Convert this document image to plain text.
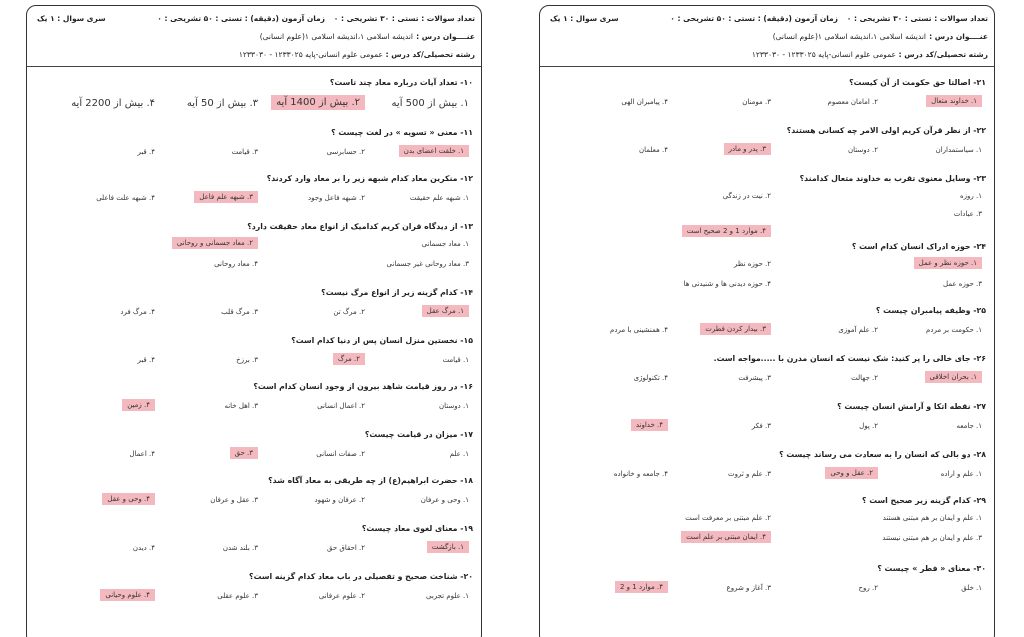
تعداد سوالات : تستی : ۳۰ تشریحی : ۰
زمان آزمون (دقیقه) : تستی : ۵۰ تشریحی : ۰
سری سوال : ۱ یک
عنــــوان درس :
اندیشه اسلامی ۱،اندیشه اسلامی ۱(علوم انسانی)
رشته تحصیلی/کد درس :
عمومی علوم انسانی-پایه ۱۲۳۳۰۲۵ - ۱۲۳۳۰۳۰
۱۰- تعداد آیات درباره معاد چند تاست؟
۱. بیش از 500 آیه
۲. بیش از 1400 آیه
۳. بیش از 50 آیه
۴. بیش از 2200 آیه
۱۱- معنی « تسویه » در لغت چیست ؟
۱. خلقت اعضای بدن
۲. حسابرسی
۳. قیامت
۴. قبر
۱۲- منکرین معاد کدام شبهه زیر را بر معاد وارد کردند؟
۱. شبهه علم حقیقت
۲. شبهه فاعل وجود
۳. شبهه علم فاعل
۴. شبهه علت فاعلی
۱۳- از دیدگاه قران کریم کدامیک از انواع معاد حقیقت دارد؟
۱. معاد جسمانی
۲. معاد جسمانی و روحانی
۳. معاد روحانی غیر جسمانی
۴. معاد روحانی
۱۴- کدام گزینه زیر از انواع مرگ نیست؟
۱. مرگ عقل
۲. مرگ تن
۳. مرگ قلب
۴. مرگ فرد
۱۵- نخستین منزل انسان پس از دنیا کدام است؟
۱. قیامت
۲. مرگ
۳. برزخ
۴. قبر
۱۶- در روز قیامت شاهد بیرون از وجود انسان کدام است؟
۱. دوستان
۲. اعمال انسانی
۳. اهل خانه
۴. زمین
۱۷- میزان در قیامت چیست؟
۱. علم
۲. صفات انسانی
۳. حق
۴. اعمال
۱۸- حضرت ابراهیم(ع) از چه طریقی به معاد آگاه شد؟
۱. وحی و عرفان
۲. عرفان و شهود
۳. عقل و عرفان
۴. وحی و عقل
۱۹- معنای لغوی معاد چیست؟
۱. بازگشت
۲. احقاق حق
۳. بلند شدن
۴. دیدن
۲۰- شناخت صحیح و تفصیلی در باب معاد کدام گزینه است؟
۱. علوم تجربی
۲. علوم عرفانی
۳. علوم عقلی
۴. علوم وحیانی
تعداد سوالات : تستی : ۳۰ تشریحی : ۰
زمان آزمون (دقیقه) : تستی : ۵۰ تشریحی : ۰
سری سوال : ۱ یک
عنــــوان درس :
اندیشه اسلامی ۱،اندیشه اسلامی ۱(علوم انسانی)
رشته تحصیلی/کد درس :
عمومی علوم انسانی-پایه ۱۲۳۳۰۲۵ - ۱۲۳۳۰۳۰
۲۱- اصالتا حق حکومت از آن کیست؟
۱. خداوند متعال
۲. امامان معصوم
۳. مومنان
۴. پیامبران الهی
۲۲- از نظر قرآن کریم اولی الامر چه کسانی هستند؟
۱. سیاستمداران
۲. دوستان
۳. پدر و مادر
۴. معلمان
۲۳- وسایل معنوی تقرب به خداوند متعال کدامند؟
۱. روزه
۲. نیت در زندگی
۳. عبادات
۴. موارد 1 و 2 صحیح است
۲۴- حوزه ادراک انسان کدام است ؟
۱. حوزه نظر و عمل
۲. حوزه نظر
۳. حوزه عمل
۴. حوزه دیدنی ها و شنیدنی ها
۲۵- وظیفه پیامبران چیست ؟
۱. حکومت بر مردم
۲. علم آموزی
۳. بیدار کردن فطرت
۴. همنشینی با مردم
۲۶- جای خالی را پر کنید: شک نیست که انسان مدرن با .....مواجه است.
۱. بحران اخلاقی
۲. جهالت
۳. پیشرفت
۴. تکنولوژی
۲۷- نقطه اتکا و آرامش انسان چیست ؟
۱. جامعه
۲. پول
۳. فکر
۴. خداوند
۲۸- دو بالی که انسان را به سعادت می رساند چیست ؟
۱. علم و اراده
۲. عقل و وحی
۳. علم و ثروت
۴. جامعه و خانواده
۲۹- کدام گزینه زیر صحیح است ؟
۱. علم و ایمان بر هم مبتنی هستند
۲. علم مبتنی بر معرفت است
۳. علم و ایمان بر هم مبتنی نیستند
۴. ایمان مبتنی بر علم است
۳۰- معنای « فطر » چیست ؟
۱. خلق
۲. روح
۳. آغاز و شروع
۴. موارد 1 و 2
